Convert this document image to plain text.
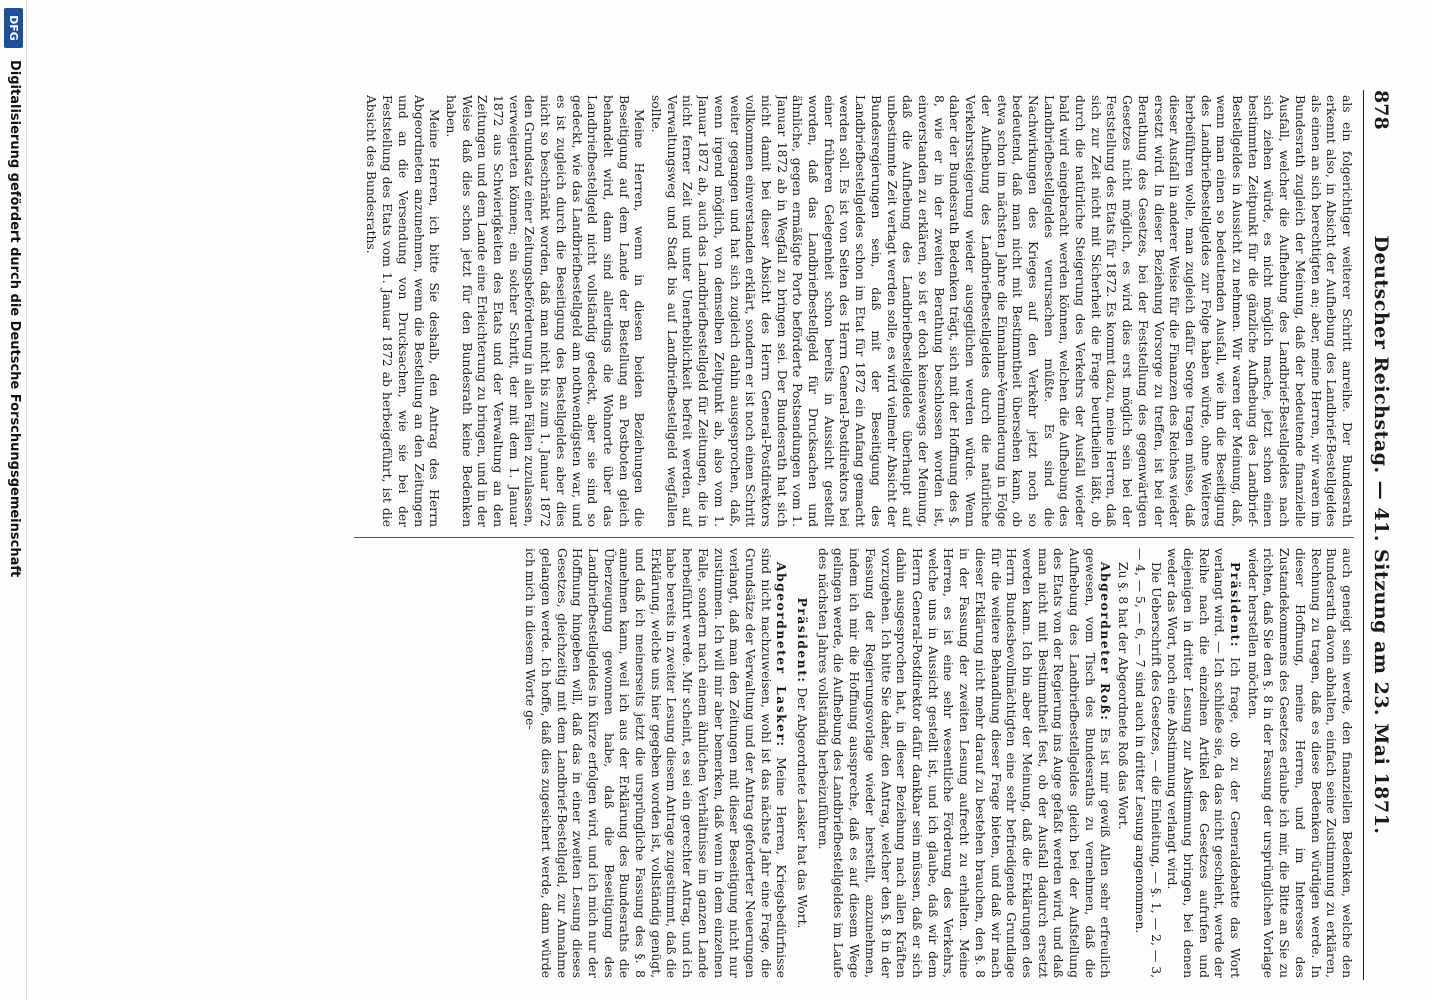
878
Deutscher Reichstag. — 41. Sitzung am 23. Mai 1871.

als ein folgerichtiger weiterer Schritt anreihe. Der Bundesrath erkennt also, in Absicht der Aufhebung des Landbrief-Bestellgeldes als einen an sich berechtigten an; aber, meine Herren, wir waren im Bundesrath zugleich der Meinung, daß der bedeutende finanzielle Ausfall, welcher die Aufhebung des Landbrief-Bestellgeldes nach sich ziehen würde, es nicht möglich mache, jetzt schon einen bestimmten Zeitpunkt für die gänzliche Aufhebung des Landbrief-Bestellgeldes in Aussicht zu nehmen. Wir waren der Meinung, daß, wenn man einen so bedeutenden Ausfall, wie ihn die Beseitigung des Landbriefbestellgeldes zur Folge haben würde, ohne Weiteres herbeiführen wolle, man zugleich dafür Sorge tragen müsse, daß dieser Ausfall in anderer Weise für die Finanzen des Reiches wieder ersetzt wird. In dieser Beziehung Vorsorge zu treffen, ist bei der Berathung des Gesetzes, bei der Feststellung des gegenwärtigen Gesetzes nicht möglich, es wird dies erst möglich sein bei der Feststellung des Etats für 1872. Es kommt dazu, meine Herren, daß sich zur Zeit nicht mit Sicherheit die Frage beurtheilen läßt, ob durch die natürliche Steigerung des Verkehrs der Ausfall wieder bald wird eingebracht werden können, welchen die Aufhebung des Landbriefbestellgeldes verursachen müßte. Es sind die Nachwirkungen des Krieges auf den Verkehr jetzt noch so bedeutend, daß man nicht mit Bestimmtheit übersehen kann, ob etwa schon im nächsten Jahre die Einnahme-Verminderung in Folge der Aufhebung des Landbriefbestellgeldes durch die natürliche Verkehrssteigerung wieder ausgeglichen werden würde. Wenn daher der Bundesrath Bedenken trägt, sich mit der Hoffnung des §. 8, wie er in der zweiten Berathung beschlossen worden ist, einverstanden zu erklären, so ist er doch keineswegs der Meinung, daß die Aufhebung des Landbriefbestellgeldes überhaupt auf unbestimmte Zeit vertagt werden solle, es wird vielmehr Absicht der Bundesregierungen sein, daß mit der Beseitigung des Landbriefbestellgeldes schon im Etat für 1872 ein Anfang gemacht werden soll. Es ist von Seiten des Herrn General-Postdirektors bei einer früheren Gelegenheit schon bereits in Aussicht gestellt worden, daß das Landbriefbestellgeld für Drucksachen und ähnliche, gegen ermäßigte Porto beförderte Postsendungen vom 1. Januar 1872 ab in Wegfall zu bringen sei. Der Bundesrath hat sich nicht damit bei dieser Absicht des Herrn General-Postdirektors vollkommen einverstanden erklärt, sondern er ist noch einen Schritt weiter gegangen und hat sich zugleich dahin ausgesprochen, daß, wenn irgend möglich, von demselben Zeitpunkt ab, also vom 1. Januar 1872 ab, auch das Landbriefbestellgeld für Zeitungen, die in nicht ferner Zeit und unter Unerheblichkeit befreit werden, auf Verwaltungsweg und Stadt bis auf Landbriefbestellgeld wegfallen sollte.

Meine Herren, wenn in diesen beiden Beziehungen die Beseitigung auf dem Lande der Bestellung an Postboten gleich behandelt wird, dann sind allerdings die Wohnorte über das Landbriefbestellgeld nicht vollständig gedeckt, aber sie sind so gedeckt, wie das Landbriefbestellgeld am nothwendigsten war, und es ist zugleich durch die Beseitigung des Bestellgeldes aber dies nicht so beschränkt worden, daß man nicht bis zum 1. Januar 1872 den Grundsatz einer Zeitungsbeförderung in allen Fällen zuzulassen, verweigerten können; ein solcher Schritt, der mit dem 1. Januar 1872 aus Schwierigkeiten des Etats und der Verwaltung an den Zeitungen und dem Lande eine Erleichterung zu bringen, und in der Weise daß dies schon jetzt für den Bundesrath keine Bedenken haben.

Meine Herren, ich bitte Sie deshalb, den Antrag des Herrn Abgeordneten anzunehmen, wenn die Bestellung an den Zeitungen und an die Versendung von Drucksachen, wie sie bei der Feststellung des Etats vom 1. Januar 1872 ab herbeigeführt, ist die Absicht des Bundesraths.

auch geneigt sein werde, den finanziellen Bedenken, welche den Bundesrath davon abhalten, einfach seine Zustimmung zu erklären, Rechnung zu tragen, daß es diese Bedenken würdigen werde. In dieser Hoffnung, meine Herren, und im Interesse des Zustandekommens des Gesetzes erlaube ich mir, die Bitte an Sie zu richten, daß Sie den §. 8 in der Fassung der ursprünglichen Vorlage wieder herstellen möchten.

Präsident: Ich frage, ob zu der Generaldebatte das Wort verlangt wird. — Ich schließe sie, da das nicht geschieht, werde der Reihe nach die einzelnen Artikel des Gesetzes aufrufen und diejenigen in dritter Lesung zur Abstimmung bringen, bei denen weder das Wort, noch eine Abstimmung verlangt wird.

Die Ueberschrift des Gesetzes, — die Einleitung, — §. 1, — 2, — 3, — 4, — 5, — 6, — 7 sind auch in dritter Lesung angenommen.

Zu §. 8 hat der Abgeordnete Roß das Wort.

Abgeordneter Roß: Es ist mir gewiß Allen sehr erfreulich gewesen, vom Tisch des Bundesraths zu vernehmen, daß die Aufhebung des Landbriefbestellgeldes gleich bei der Aufstellung des Etats von der Regierung ins Auge gefaßt werden wird, und daß man nicht mit Bestimmtheit fest, ob der Ausfall dadurch ersetzt werden kann. Ich bin aber der Meinung, daß die Erklärungen des Herrn Bundesbevollmächtigten eine sehr befriedigende Grundlage für die weitere Behandlung dieser Frage bieten, und daß wir nach dieser Erklärung nicht mehr darauf zu bestehen brauchen, den §. 8 in der Fassung der zweiten Lesung aufrecht zu erhalten. Meine Herren, es ist eine sehr wesentliche Förderung des Verkehrs, welche uns in Aussicht gestellt ist, und ich glaube, daß wir dem Herrn General-Postdirektor dafür dankbar sein müssen, daß er sich dahin ausgesprochen hat, in dieser Beziehung nach allen Kräften vorzugehen. Ich bitte Sie daher, den Antrag, welcher den §. 8 in der Fassung der Regierungsvorlage wieder herstellt, anzunehmen, indem ich mir die Hoffnung ausspreche, daß es auf diesem Wege gelingen werde, die Aufhebung des Landbriefbestellgeldes im Laufe des nächsten Jahres vollständig herbeizuführen.

Präsident: Der Abgeordnete Lasker hat das Wort.

Abgeordneter Lasker: Meine Herren, Kriegsbedürfnisse sind nicht nachzuweisen, wohl ist das nächste Jahr eine Frage, die Grundsätze der Verwaltung und der Antrag geforderter Neuerungen verlangt, daß man den Zeitungen mit dieser Beseitigung nicht nur zustimmen. Ich will mir aber bemerken, daß wenn in dem einzelnen Falle, sondern nach einem ähnlichen Verhältnisse im ganzen Lande herbeiführt werde. Mir scheint, es sei ein gerechter Antrag, und ich habe bereits in zweiter Lesung diesem Antrage zugestimmt, daß die Erklärung, welche uns hier gegeben worden ist, vollständig genügt, und daß ich meinerseits jetzt die ursprüngliche Fassung des §. 8 annehmen kann, weil ich aus der Erklärung des Bundesraths die Überzeugung gewonnen habe, daß die Beseitigung des Landbriefbestellgeldes in Kürze erfolgen wird, und ich mich nur der Hoffnung hingeben will, daß das in einer zweiten Lesung dieses Gesetzes, gleichzeitig mit dem Landbrief-Bestellgeld, zur Annahme gelangen werde. Ich hoffe, daß dies zugesichert werde, dann würde ich mich in diesem Worte ge-

DFG
Digitalisierung gefördert durch die Deutsche Forschungsgemeinschaft
